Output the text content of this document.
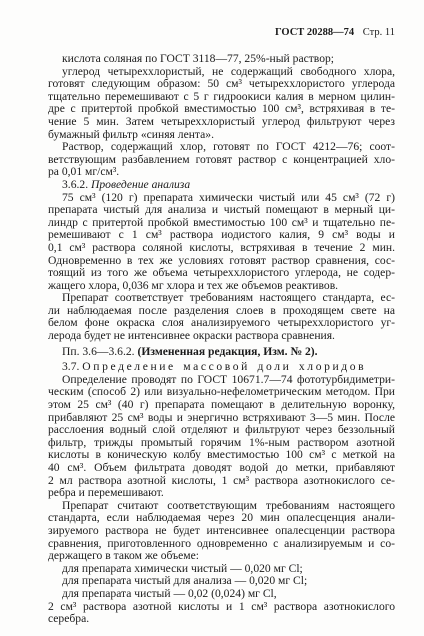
ГОСТ 20288—74 Стр. 11
кислота соляная по ГОСТ 3118—77, 25%-ный раствор;
углерод четыреххлористый, не содержащий свободного хлора,
готовят следующим образом: 50 см³ четыреххлористого углерода
тщательно перемешивают с 5 г гидроокиси калия в мерном цилин-
дре с притертой пробкой вместимостью 100 см³, встряхивая в те-
чение 5 мин. Затем четыреххлористый углерод фильтруют через
бумажный фильтр «синяя лента».
Раствор, содержащий хлор, готовят по ГОСТ 4212—76; соот-
ветствующим разбавлением готовят раствор с концентрацией хло-
ра 0,01 мг/см³.
3.6.2. Проведение анализа
75 см³ (120 г) препарата химически чистый или 45 см³ (72 г)
препарата чистый для анализа и чистый помещают в мерный ци-
линдр с притертой пробкой вместимостью 100 см³ и тщательно пе-
ремешивают с 1 см³ раствора иодистого калия, 9 см³ воды и
0,1 см³ раствора соляной кислоты, встряхивая в течение 2 мин.
Одновременно в тех же условиях готовят раствор сравнения, сос-
тоящий из того же объема четыреххлористого углерода, не содер-
жащего хлора, 0,036 мг хлора и тех же объемов реактивов.
Препарат соответствует требованиям настоящего стандарта, ес-
ли наблюдаемая после разделения слоев в проходящем свете на
белом фоне окраска слоя анализируемого четыреххлористого уг-
лерода будет не интенсивнее окраски раствора сравнения.
Пп. 3.6—3.6.2. (Измененная редакция, Изм. № 2).
3.7. Определение массовой доли хлоридов
Определение проводят по ГОСТ 10671.7—74 фототурбидиметри-
ческим (способ 2) или визуально-нефелометрическим методом. При
этом 25 см³ (40 г) препарата помещают в делительную воронку,
прибавляют 25 см³ воды и энергично встряхивают 3—5 мин. После
расслоения водный слой отделяют и фильтруют через беззольный
фильтр, трижды промытый горячим 1%-ным раствором азотной
кислоты в коническую колбу вместимостью 100 см³ с меткой на
40 см³. Объем фильтрата доводят водой до метки, прибавляют
2 мл раствора азотной кислоты, 1 см³ раствора азотнокислого се-
ребра и перемешивают.
Препарат считают соответствующим требованиям настоящего
стандарта, если наблюдаемая через 20 мин опалесценция анали-
зируемого раствора не будет интенсивнее опалесценции раствора
сравнения, приготовленного одновременно с анализируемым и со-
держащего в таком же объеме:
для препарата химически чистый — 0,020 мг Cl;
для препарата чистый для анализа — 0,020 мг Cl;
для препарата чистый — 0,02 (0,024) мг Cl,
2 см³ раствора азотной кислоты и 1 см³ раствора азотнокислого
серебра.
